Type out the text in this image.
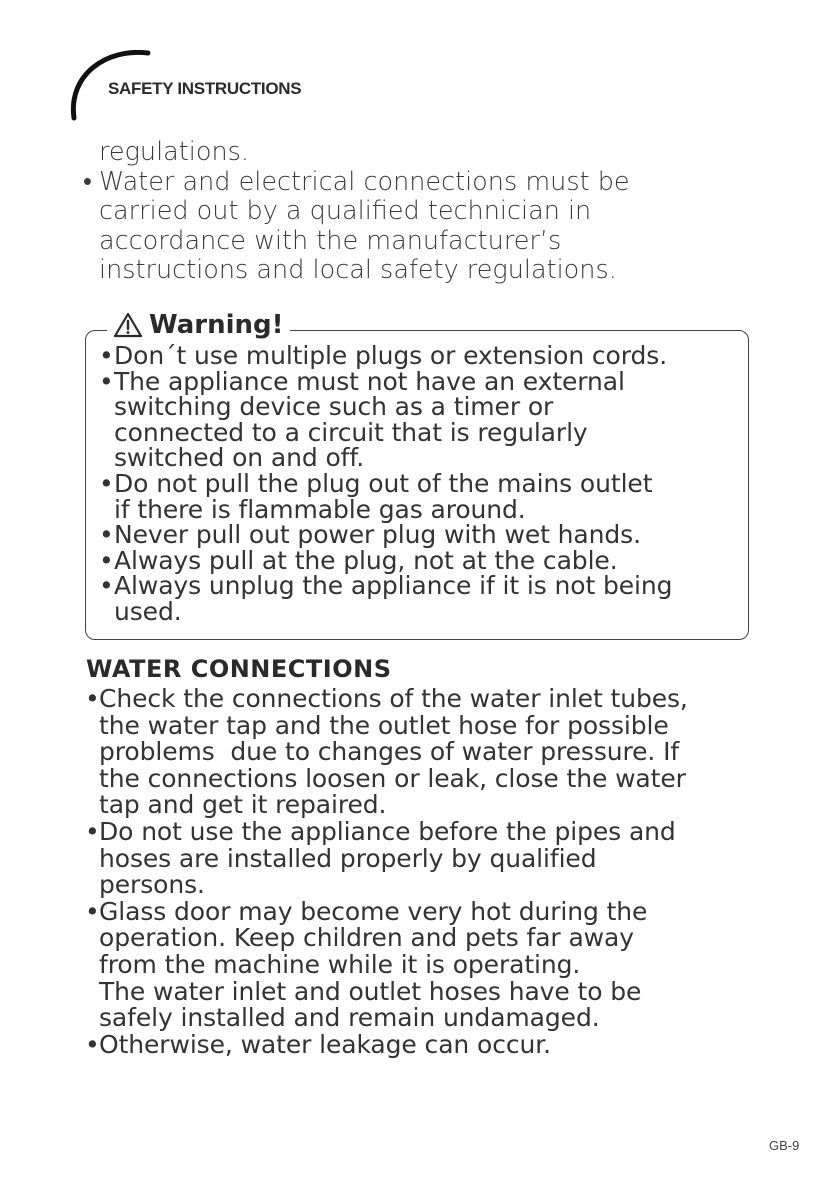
SAFETY INSTRUCTIONS
regulations.
• Water and electrical connections must be
carried out by a qualified technician in
accordance with the manufacturer’s
instructions and local safety regulations.
Warning!
• Don´t use multiple plugs or extension cords.
• The appliance must not have an external
switching device such as a timer or
connected to a circuit that is regularly
switched on and off.
• Do not pull the plug out of the mains outlet
if there is flammable gas around.
• Never pull out power plug with wet hands.
• Always pull at the plug, not at the cable.
• Always unplug the appliance if it is not being
used.
WATER CONNECTIONS
• Check the connections of the water inlet tubes,
the water tap and the outlet hose for possible
problems  due to changes of water pressure. If
the connections loosen or leak, close the water
tap and get it repaired.
• Do not use the appliance before the pipes and
hoses are installed properly by qualified
persons.
• Glass door may become very hot during the
operation. Keep children and pets far away
from the machine while it is operating.
The water inlet and outlet hoses have to be
safely installed and remain undamaged.
• Otherwise, water leakage can occur.
GB-9
